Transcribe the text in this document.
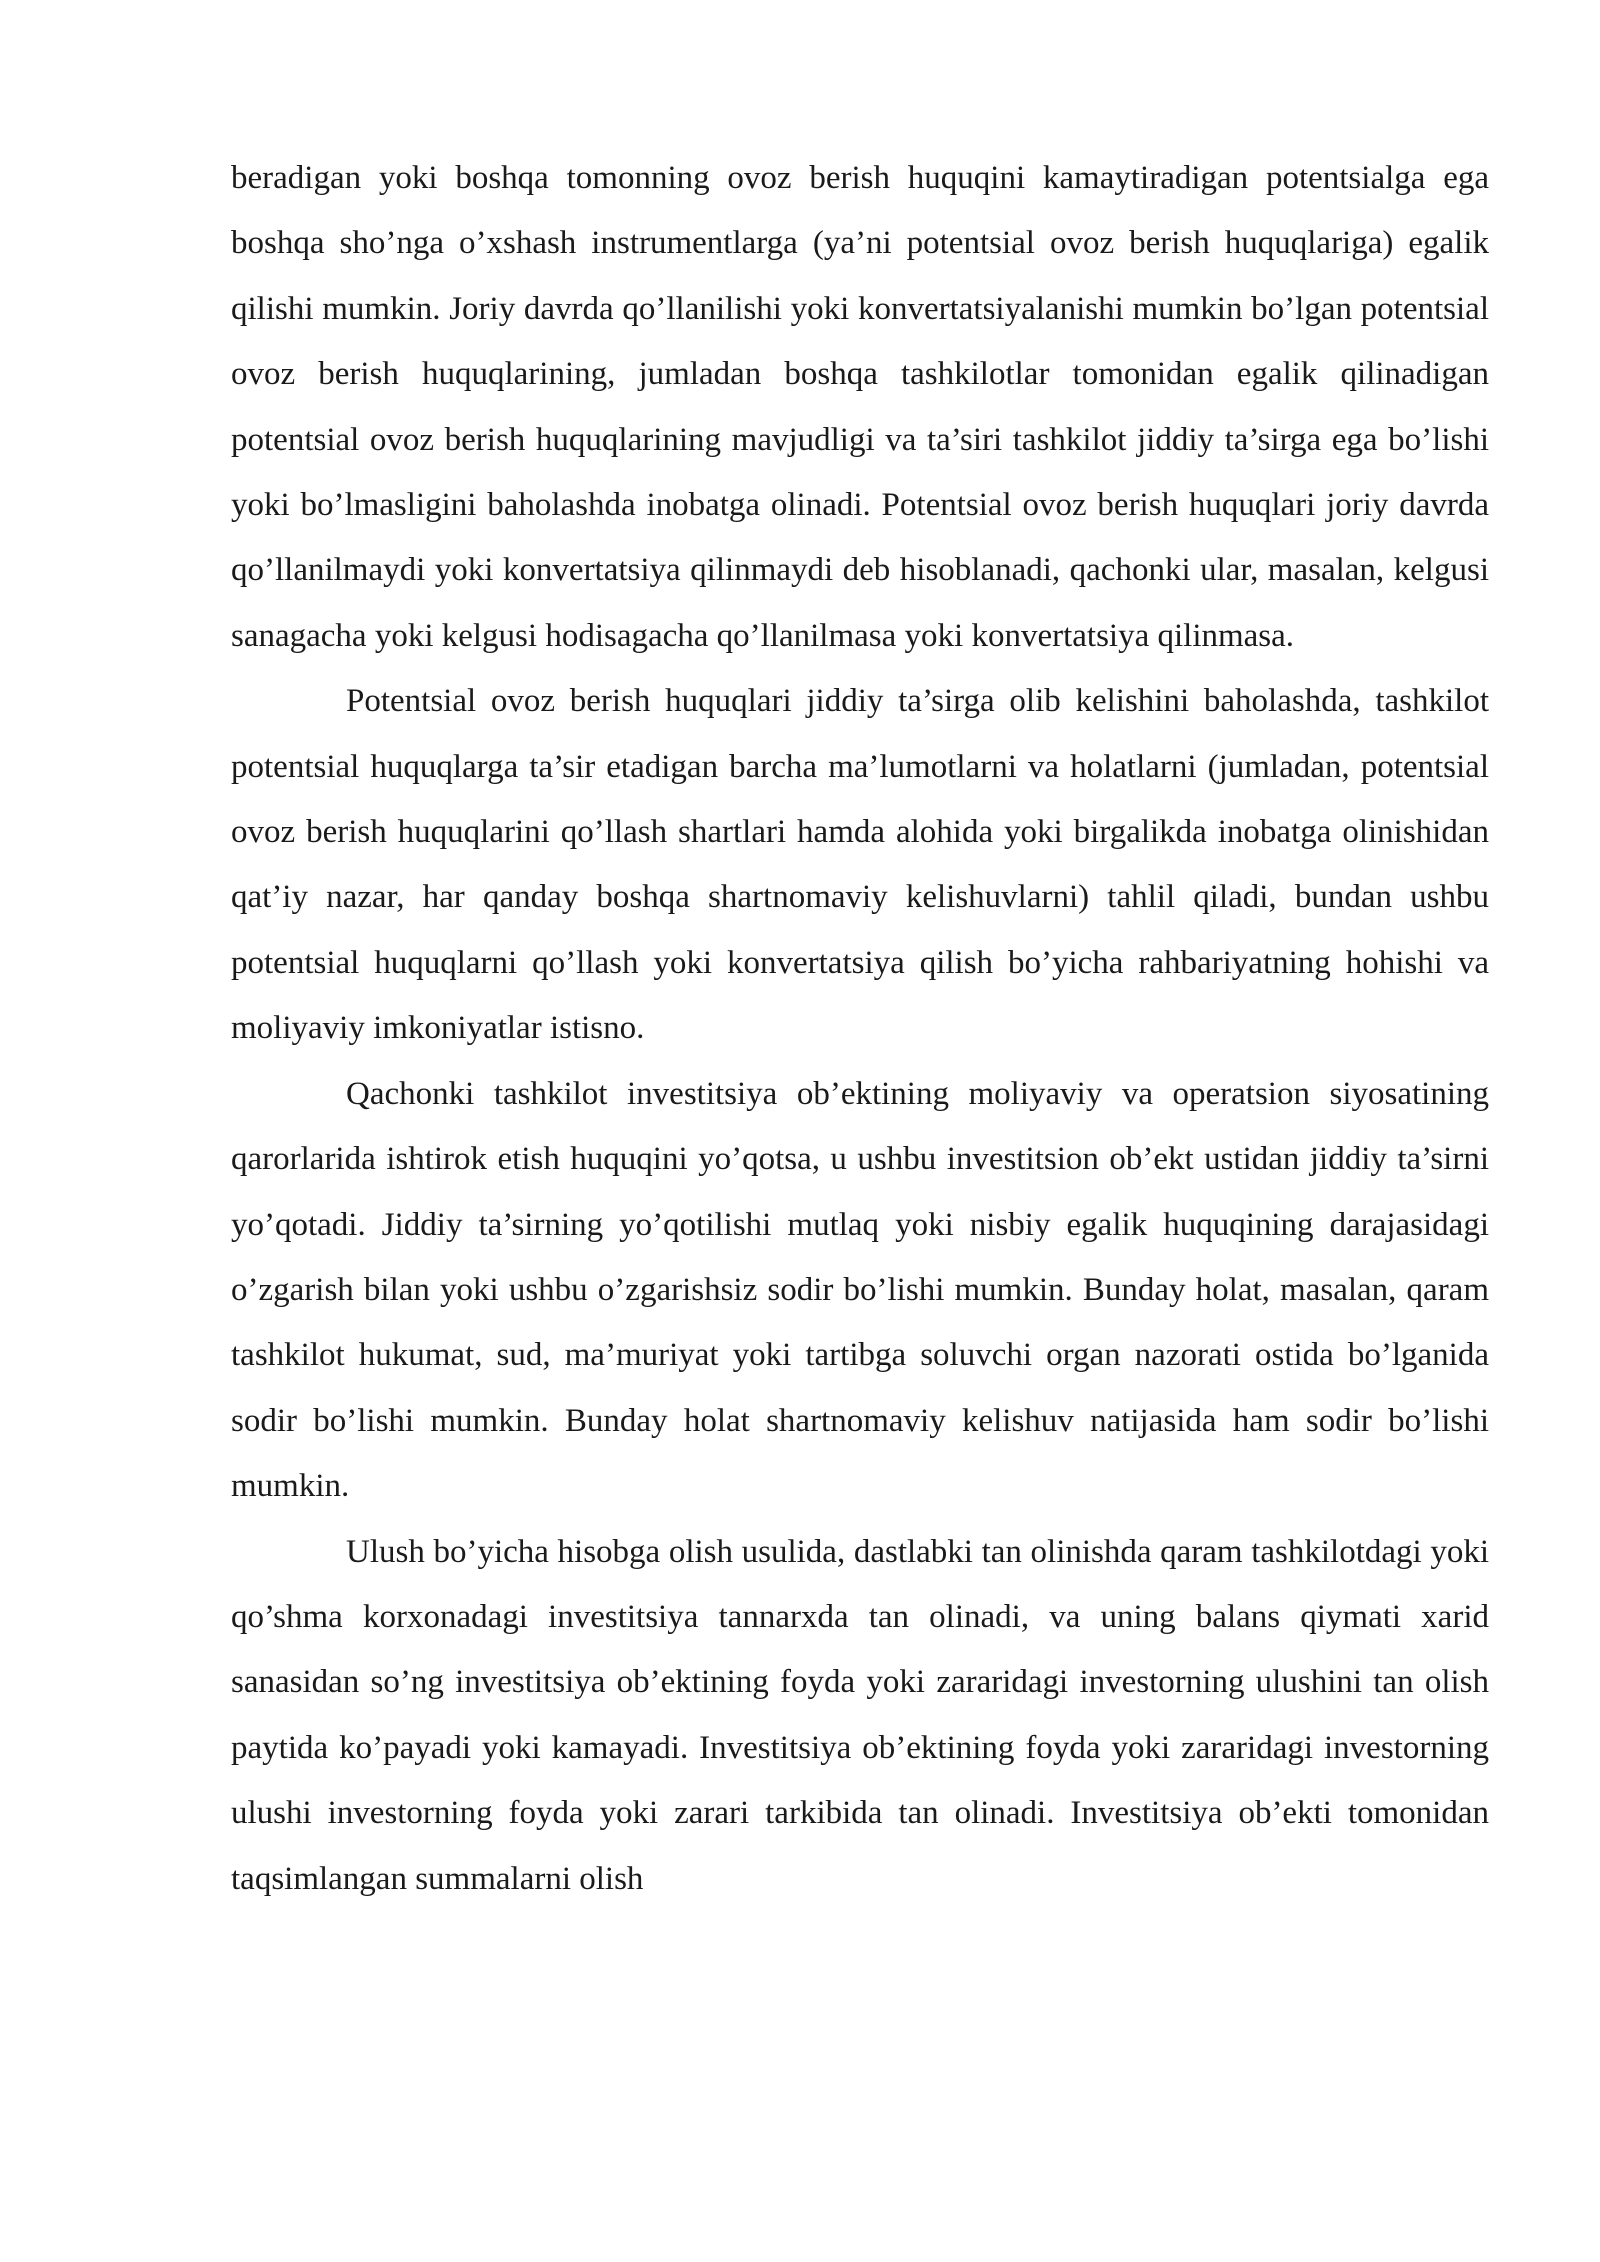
beradigan yoki boshqa tomonning ovoz berish huquqini kamaytiradigan potentsialga ega boshqa sho’nga o’xshash instrumentlarga (ya’ni potentsial ovoz berish huquqlariga) egalik qilishi mumkin. Joriy davrda qo’llanilishi yoki konvertatsiyalanishi mumkin bo’lgan potentsial ovoz berish huquqlarining, jumladan boshqa tashkilotlar tomonidan egalik qilinadigan potentsial ovoz berish huquqlarining mavjudligi va ta’siri tashkilot jiddiy ta’sirga ega bo’lishi yoki bo’lmasligini baholashda inobatga olinadi. Potentsial ovoz berish huquqlari joriy davrda qo’llanilmaydi yoki konvertatsiya qilinmaydi deb hisoblanadi, qachonki ular, masalan, kelgusi sanagacha yoki kelgusi hodisagacha qo’llanilmasa yoki konvertatsiya qilinmasa.

Potentsial ovoz berish huquqlari jiddiy ta’sirga olib kelishini baholashda, tashkilot potentsial huquqlarga ta’sir etadigan barcha ma’lumotlarni va holatlarni (jumladan, potentsial ovoz berish huquqlarini qo’llash shartlari hamda alohida yoki birgalikda inobatga olinishidan qat’iy nazar, har qanday boshqa shartnomaviy kelishuvlarni) tahlil qiladi, bundan ushbu potentsial huquqlarni qo’llash yoki konvertatsiya qilish bo’yicha rahbariyatning hohishi va moliyaviy imkoniyatlar istisno.

Qachonki tashkilot investitsiya ob’ektining moliyaviy va operatsion siyosatining qarorlarida ishtirok etish huquqini yo’qotsa, u ushbu investitsion ob’ekt ustidan jiddiy ta’sirni yo’qotadi. Jiddiy ta’sirning yo’qotilishi mutlaq yoki nisbiy egalik huquqining darajasidagi o’zgarish bilan yoki ushbu o’zgarishsiz sodir bo’lishi mumkin. Bunday holat, masalan, qaram tashkilot hukumat, sud, ma’muriyat yoki tartibga soluvchi organ nazorati ostida bo’lganida sodir bo’lishi mumkin. Bunday holat shartnomaviy kelishuv natijasida ham sodir bo’lishi mumkin.

Ulush bo’yicha hisobga olish usulida, dastlabki tan olinishda qaram tashkilotdagi yoki qo’shma korxonadagi investitsiya tannarxda tan olinadi, va uning balans qiymati xarid sanasidan so’ng investitsiya ob’ektining foyda yoki zararidagi investorning ulushini tan olish paytida ko’payadi yoki kamayadi. Investitsiya ob’ektining foyda yoki zararidagi investorning ulushi investorning foyda yoki zarari tarkibida tan olinadi. Investitsiya ob’ekti tomonidan taqsimlangan summalarni olish
